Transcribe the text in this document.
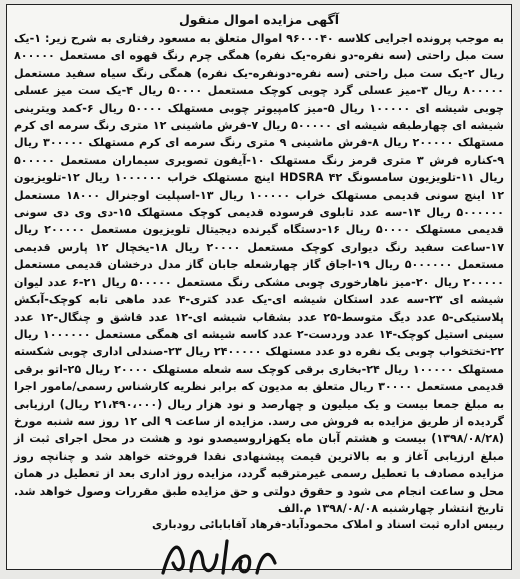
آگهی مزایده اموال منقول

به موجب پرونده اجرایی کلاسه ۹۶۰۰۰۴۰ اموال متعلق به مسعود رفتاری به شرح زیر: ۱-یک ست مبل راحتی (سه نفره-دو نفره-یک نفره) همگی چرم رنگ قهوه ای مستعمل ۸۰۰۰۰۰ ریال ۲-یک ست مبل راحتی (سه نفره-دونفره-یک نفره) همگی رنگ سیاه سفید مستعمل ۸۰۰۰۰۰ ریال ۳-میز عسلی گرد چوبی کوچک مستعمل ۵۰۰۰۰ ریال ۴-یک ست میز عسلی چوبی شیشه ای ۱۰۰۰۰۰ ریال ۵-میز کامپیوتر چوبی مستهلک ۵۰۰۰۰ ریال ۶-کمد ویترینی شیشه ای چهارطبقه شیشه ای ۵۰۰۰۰۰ ریال ۷-فرش ماشینی ۱۲ متری رنگ سرمه ای کرم مستهلک ۲۰۰۰۰۰ ریال ۸-فرش ماشینی ۹ متری رنگ سرمه ای کرم مستهلک ۳۰۰۰۰۰ ریال ۹-کناره فرش ۳ متری قرمز رنگ مستهلک ۱۰-آیفون تصویری سیماران مستعمل ۵۰۰۰۰۰ ریال ۱۱-تلویزیون سامسونگ HDSRA ۴۲ اینچ مستهلک خراب ۱۰۰۰۰۰۰ ریال ۱۲-تلویزیون ۱۲ اینچ سونی قدیمی مستهلک خراب ۱۰۰۰۰۰ ریال ۱۳-اسپلیت اوجنرال ۱۸۰۰۰ مستعمل ۵۰۰۰۰۰۰ ریال ۱۴-سه عدد تابلوی فرسوده قدیمی کوچک مستهلک ۱۵-دی وی دی سونی قدیمی مستهلک ۵۰۰۰۰ ریال ۱۶-دستگاه گیرنده دیجیتال تلویزیون مستعمل ۲۰۰۰۰۰ ریال ۱۷-ساعت سفید رنگ دیواری کوچک مستعمل ۲۰۰۰۰ ریال ۱۸-یخچال ۱۲ پارس قدیمی مستعمل ۵۰۰۰۰۰۰ ریال ۱۹-اجاق گاز چهارشعله جابان گاز مدل درخشان قدیمی مستعمل ۲۰۰۰۰۰ ریال ۲۰-میز ناهارخوری چوبی مشکی رنگ مستعمل ۵۰۰۰۰۰ ریال ۲۱-۶ عدد لیوان شیشه ای ۲۳-سه عدد استکان شیشه ای-یک عدد کتری-۴ عدد ماهی تابه کوچک-آبکش پلاستیکی-۵ عدد دیگ متوسط-۲۵ عدد بشقاب شیشه ای-۱۲ عدد قاشق و چنگال-۱۲ عدد سینی استیل کوچک-۱۴ عدد وردست-۲ عدد کاسه شیشه ای همگی مستعمل ۱۰۰۰۰۰۰ ریال ۲۲-تختخواب چوبی یک نفره دو عدد مستهلک ۲۴۰۰۰۰۰ ریال ۲۳-صندلی اداری چوبی شکسته مستهلک ۱۰۰۰۰۰ ریال ۲۴-بخاری برقی کوچک سه شعله مستهلک ۲۰۰۰۰ ریال ۲۵-اتو برقی قدیمی مستعمل ۳۰۰۰۰ ریال متعلق به مدیون که برابر نظریه کارشناس رسمی/مامور اجرا به مبلغ جمعا بیست و یک میلیون و چهارصد و نود هزار ریال (۲۱،۴۹۰،۰۰۰ ریال) ارزیابی گردیده از طریق مزایده به فروش می رسد. مزایده از ساعت ۹ الی ۱۲ روز سه شنبه مورخ (۱۳۹۸/۰۸/۲۸) بیست و هشتم آبان ماه یکهزاروسیصدو نود و هشت در محل اجرای ثبت از مبلغ ارزیابی آغاز و به بالاترین قیمت پیشنهادی نقدا فروخته خواهد شد و چنانچه روز مزایده مصادف با تعطیل رسمی غیرمترقبه گردد، مزایده روز اداری بعد از تعطیل در همان محل و ساعت انجام می شود و حقوق دولتی و حق مزایده طبق مقررات وصول خواهد شد. تاریخ انتشار چهارشنبه ۱۳۹۸/۰۸/۰۸ م.الف

رییس اداره ثبت اسناد و املاک محمودآباد-فرهاد آقابابائی رودباری
